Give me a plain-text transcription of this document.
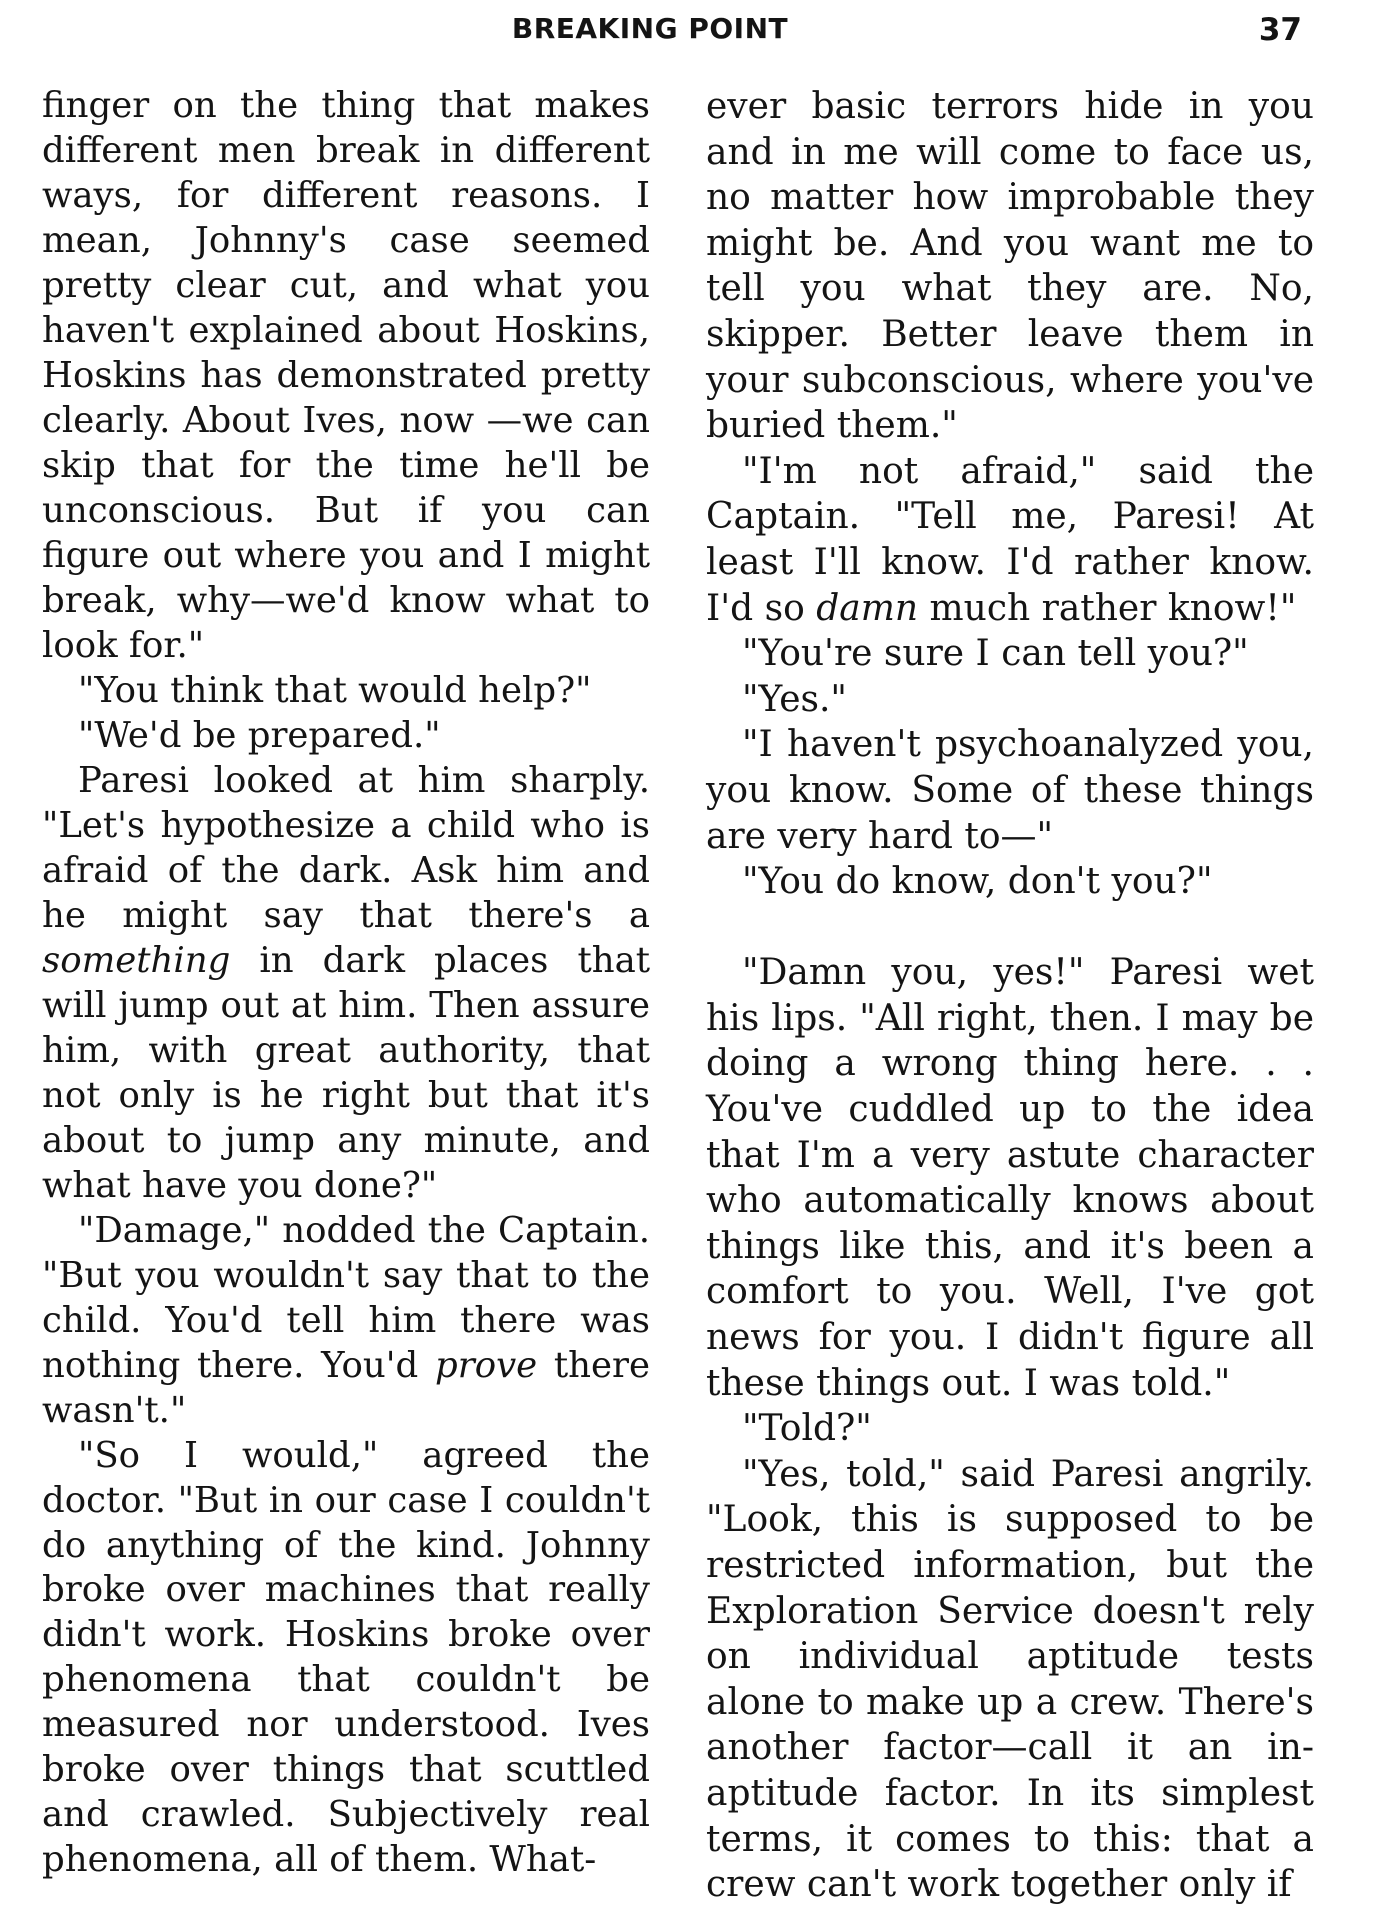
BREAKING POINT	37

finger on the thing that makes different men break in different ways, for different reasons. I mean, Johnny's case seemed pretty clear cut, and what you haven't explained about Hoskins, Hoskins has demonstrated pretty clearly. About Ives, now —we can skip that for the time he'll be unconscious. But if you can figure out where you and I might break, why—we'd know what to look for."

"You think that would help?"

"We'd be prepared."

Paresi looked at him sharply. "Let's hypothesize a child who is afraid of the dark. Ask him and he might say that there's a something in dark places that will jump out at him. Then assure him, with great authority, that not only is he right but that it's about to jump any minute, and what have you done?"

"Damage," nodded the Captain. "But you wouldn't say that to the child. You'd tell him there was nothing there. You'd prove there wasn't."

"So I would," agreed the doctor. "But in our case I couldn't do anything of the kind. Johnny broke over machines that really didn't work. Hoskins broke over phenomena that couldn't be measured nor understood. Ives broke over things that scuttled and crawled. Subjectively real phenomena, all of them. What-

ever basic terrors hide in you and in me will come to face us, no matter how improbable they might be. And you want me to tell you what they are. No, skipper. Better leave them in your subconscious, where you've buried them."

"I'm not afraid," said the Captain. "Tell me, Paresi! At least I'll know. I'd rather know. I'd so damn much rather know!"

"You're sure I can tell you?"

"Yes."

"I haven't psychoanalyzed you, you know. Some of these things are very hard to—"

"You do know, don't you?"

"Damn you, yes!" Paresi wet his lips. "All right, then. I may be doing a wrong thing here. . . You've cuddled up to the idea that I'm a very astute character who automatically knows about things like this, and it's been a comfort to you. Well, I've got news for you. I didn't figure all these things out. I was told."

"Told?"

"Yes, told," said Paresi angrily. "Look, this is supposed to be restricted information, but the Exploration Service doesn't rely on individual aptitude tests alone to make up a crew. There's another factor—call it an in-aptitude factor. In its simplest terms, it comes to this: that a crew can't work together only if
